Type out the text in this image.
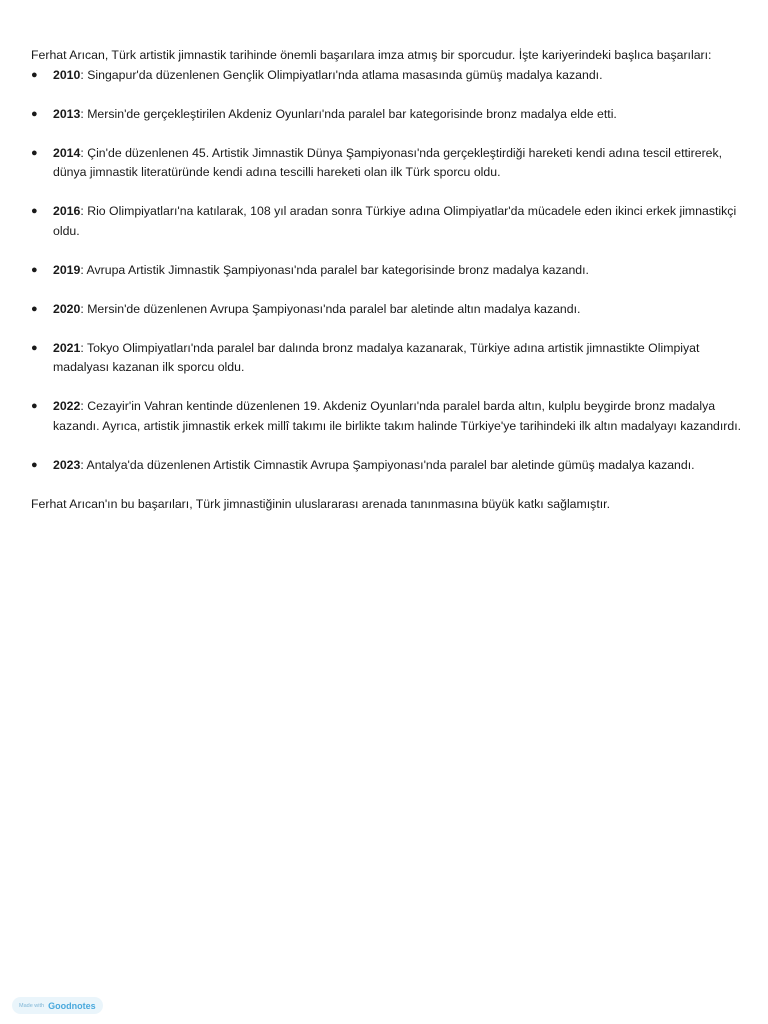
Ferhat Arıcan, Türk artistik jimnastik tarihinde önemli başarılara imza atmış bir sporcudur. İşte kariyerindeki başlıca başarıları:

● 2010: Singapur'da düzenlenen Gençlik Olimpiyatları'nda atlama masasında gümüş madalya kazandı.
● 2013: Mersin'de gerçekleştirilen Akdeniz Oyunları'nda paralel bar kategorisinde bronz madalya elde etti.
● 2014: Çin'de düzenlenen 45. Artistik Jimnastik Dünya Şampiyonası'nda gerçekleştirdiği hareketi kendi adına tescil ettirerek, dünya jimnastik literatüründe kendi adına tescilli hareketi olan ilk Türk sporcu oldu.
● 2016: Rio Olimpiyatları'na katılarak, 108 yıl aradan sonra Türkiye adına Olimpiyatlar'da mücadele eden ikinci erkek jimnastikçi oldu.
● 2019: Avrupa Artistik Jimnastik Şampiyonası'nda paralel bar kategorisinde bronz madalya kazandı.
● 2020: Mersin'de düzenlenen Avrupa Şampiyonası'nda paralel bar aletinde altın madalya kazandı.
● 2021: Tokyo Olimpiyatları'nda paralel bar dalında bronz madalya kazanarak, Türkiye adına artistik jimnastikte Olimpiyat madalyası kazanan ilk sporcu oldu.
● 2022: Cezayir'in Vahran kentinde düzenlenen 19. Akdeniz Oyunları'nda paralel barda altın, kulplu beygirde bronz madalya kazandı. Ayrıca, artistik jimnastik erkek millî takımı ile birlikte takım halinde Türkiye'ye tarihindeki ilk altın madalyayı kazandırdı.
● 2023: Antalya'da düzenlenen Artistik Cimnastik Avrupa Şampiyonası'nda paralel bar aletinde gümüş madalya kazandı.

Ferhat Arıcan'ın bu başarıları, Türk jimnastiğinin uluslararası arenada tanınmasına büyük katkı sağlamıştır.

Made with Goodnotes
